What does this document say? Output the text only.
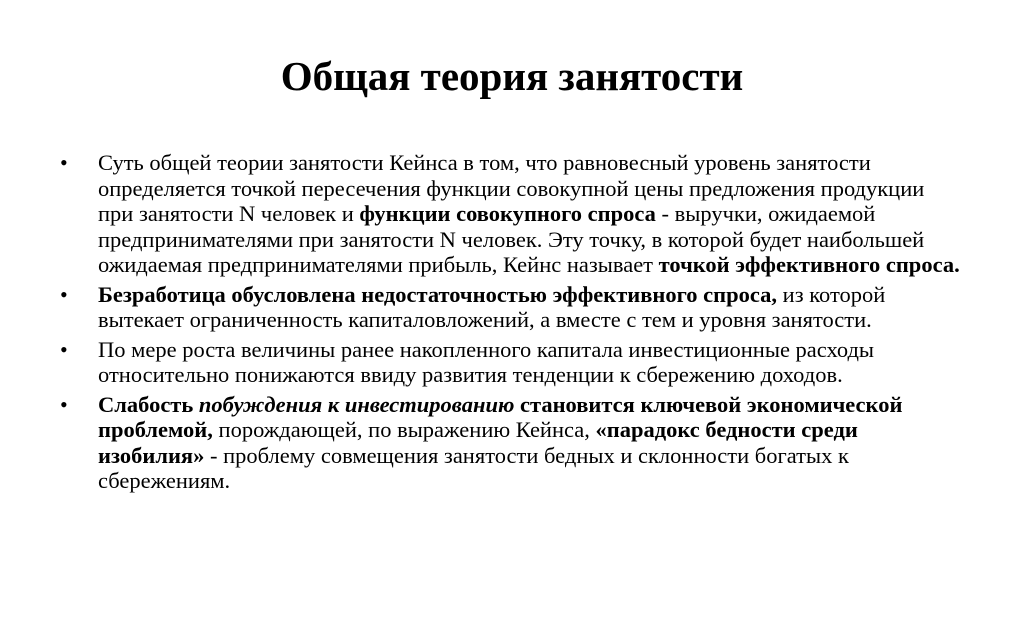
Общая теория занятости
•	Суть общей теории занятости Кейнса в том, что равновесный уровень занятости определяется точкой пересечения функции совокупной цены предложения продукции при занятости N человек и функции совокупного спроса - выручки, ожидаемой предпринимателями при занятости N человек. Эту точку, в которой будет наибольшей ожидаемая предпринимателями прибыль, Кейнс называет точкой эффективного спроса.
•	Безработица обусловлена недостаточностью эффективного спроса, из которой вытекает ограниченность капиталовложений, а вместе с тем и уровня занятости.
•	По мере роста величины ранее накопленного капитала инвестиционные расходы относительно понижаются ввиду развития тенденции к сбережению доходов.
•	Слабость побуждения к инвестированию становится ключевой экономической проблемой, порождающей, по выражению Кейнса, «парадокс бедности среди изобилия» - проблему совмещения занятости бедных и склонности богатых к сбережениям.
